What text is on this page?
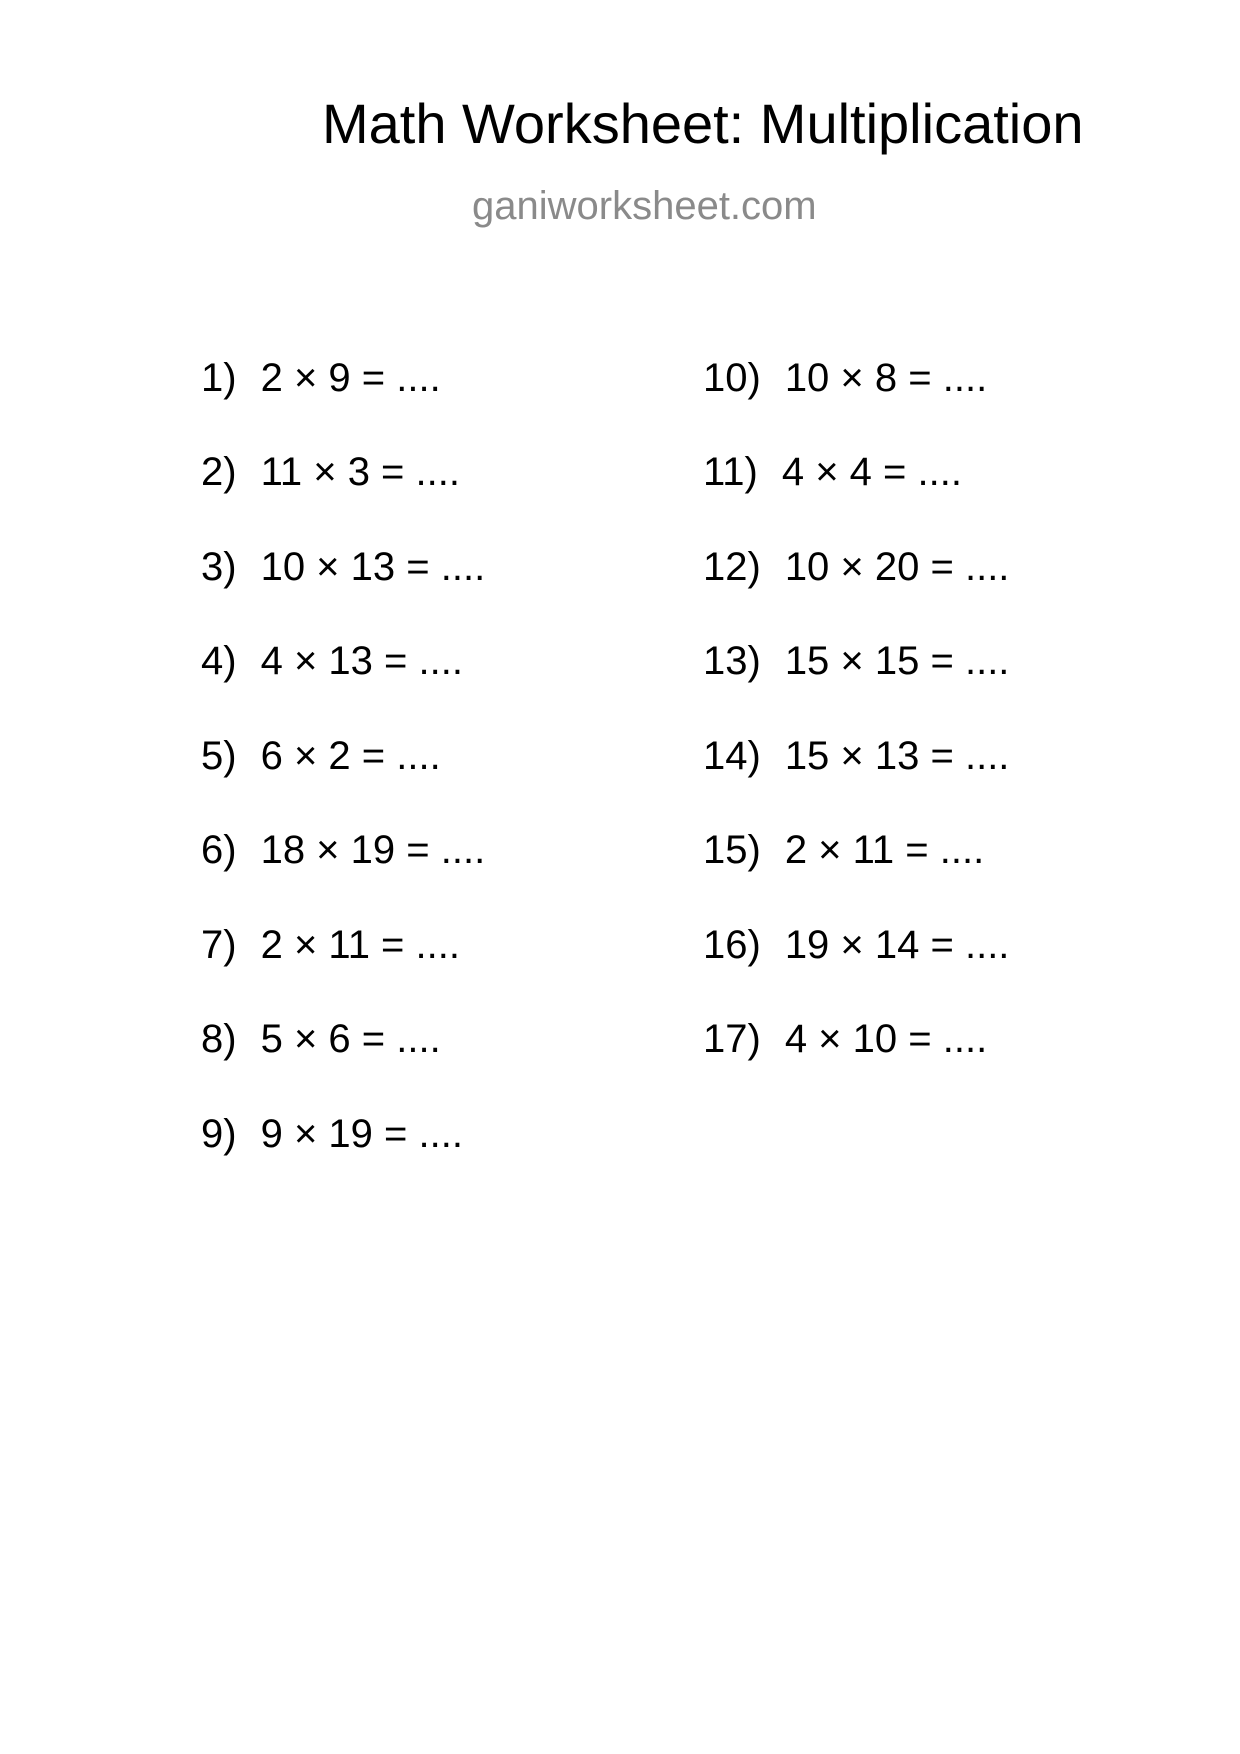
Math Worksheet: Multiplication
ganiworksheet.com
1) 2 × 9 = ....
2) 11 × 3 = ....
3) 10 × 13 = ....
4) 4 × 13 = ....
5) 6 × 2 = ....
6) 18 × 19 = ....
7) 2 × 11 = ....
8) 5 × 6 = ....
9) 9 × 19 = ....
10) 10 × 8 = ....
11) 4 × 4 = ....
12) 10 × 20 = ....
13) 15 × 15 = ....
14) 15 × 13 = ....
15) 2 × 11 = ....
16) 19 × 14 = ....
17) 4 × 10 = ....
